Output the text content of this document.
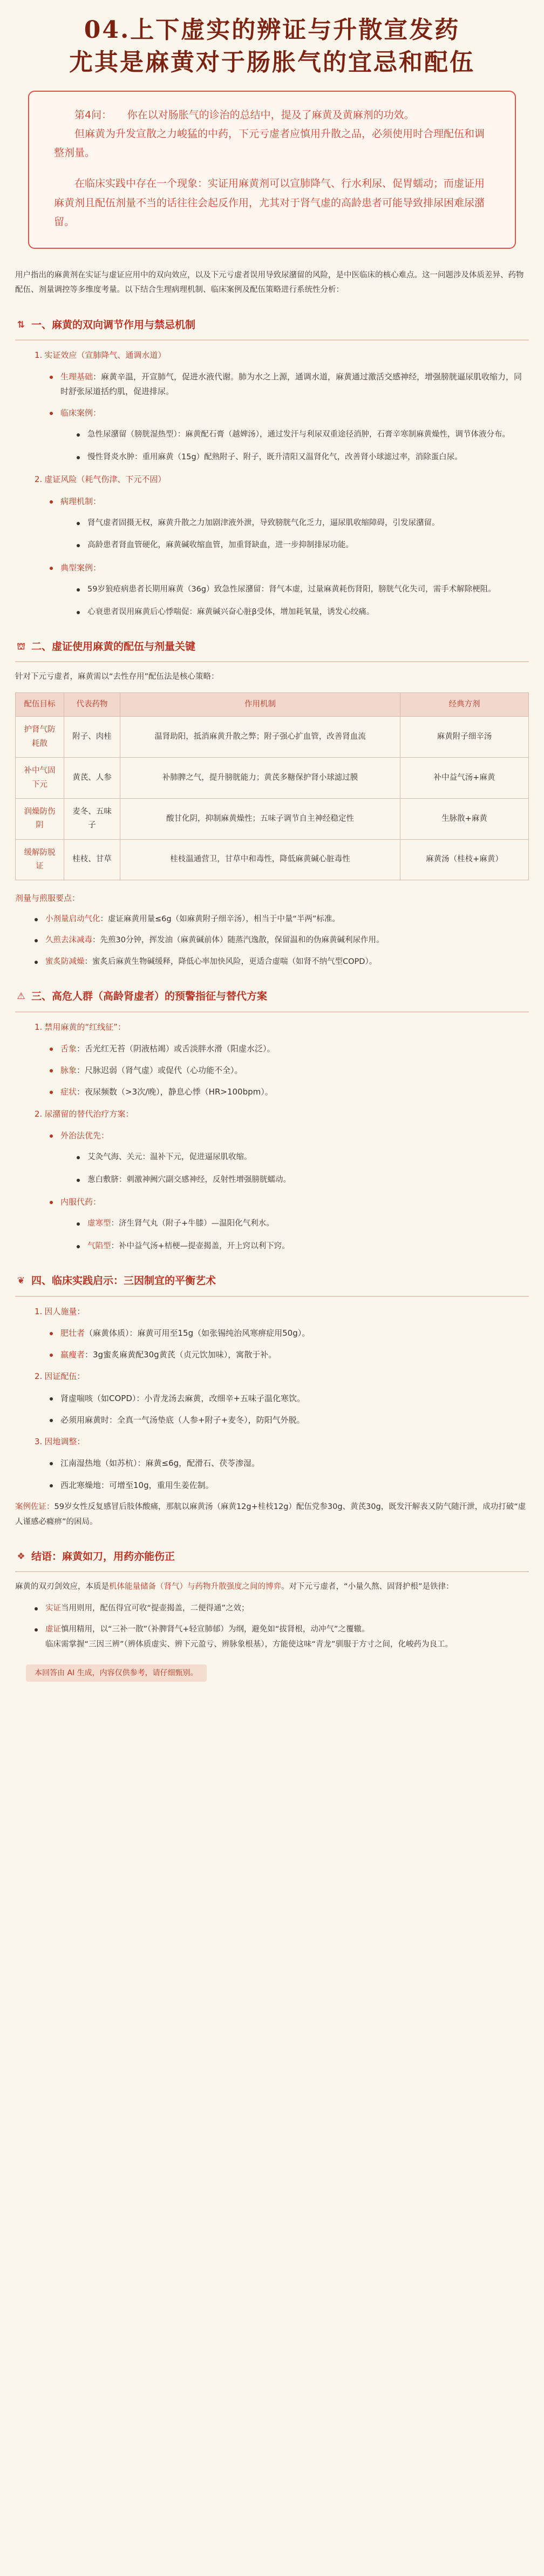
04.上下虚实的辨证与升散宣发药
尤其是麻黄对于肠胀气的宜忌和配伍

第4问：　　你在以对肠胀气的诊治的总结中，提及了麻黄及黄麻剂的功效。

但麻黄为升发宣散之力峻猛的中药，下元亏虚者应慎用升散之品，必须使用时合理配伍和调整剂量。

在临床实践中存在一个现象：实证用麻黄剂可以宣肺降气、行水利尿、促胃蠕动；而虚证用麻黄剂且配伍剂量不当的话往往会起反作用，尤其对于肾气虚的高龄患者可能导致排尿困难尿潴留。

用户指出的麻黄剂在实证与虚证应用中的双向效应，以及下元亏虚者误用导致尿潴留的风险，是中医临床的核心难点。这一问题涉及体质差异、药物配伍、剂量调控等多维度考量。以下结合生理病理机制、临床案例及配伍策略进行系统性分析：
⇅ 一、麻黄的双向调节作用与禁忌机制
1. 实证效应（宣肺降气、通调水道）
生理基础：麻黄辛温，开宣肺气，促进水液代谢。肺为水之上源，通调水道，麻黄通过激活交感神经，增强膀胱逼尿肌收缩力，同时舒张尿道括约肌，促进排尿。
临床案例：
急性尿潴留（膀胱湿热型）：麻黄配石膏（越婢汤），通过发汗与利尿双重途径消肿，石膏辛寒制麻黄燥性，调节体液分布。
慢性肾炎水肿：重用麻黄（15g）配熟附子、附子，既升清阳又温肾化气，改善肾小球滤过率，消除蛋白尿。
2. 虚证风险（耗气伤津、下元不固）
病理机制：
肾气虚者固摄无权，麻黄升散之力加剧津液外泄，导致膀胱气化乏力，逼尿肌收缩障碍，引发尿潴留。
高龄患者肾血管硬化，麻黄碱收缩血管，加重肾缺血，进一步抑制排尿功能。
典型案例：
59岁狼疮病患者长期用麻黄（36g）致急性尿潴留：肾气本虚，过量麻黄耗伤肾阳，膀胱气化失司，需手术解除梗阻。
心衰患者误用麻黄后心悸喘促：麻黄碱兴奋心脏β受体，增加耗氧量，诱发心绞痛。
⛫ 二、虚证使用麻黄的配伍与剂量关键
针对下元亏虚者，麻黄需以“去性存用”配伍法是核心策略：
配伍目标	代表药物	作用机制	经典方剂
护肾气防耗散	附子、肉桂	温肾助阳，抵消麻黄升散之弊；附子强心扩血管，改善肾血流	麻黄附子细辛汤
补中气固下元	黄芪、人参	补肺脾之气，提升膀胱能力；黄芪多糖保护肾小球滤过膜	补中益气汤+麻黄
润燥防伤阴	麦冬、五味子	酸甘化阴，抑制麻黄燥性；五味子调节自主神经稳定性	生脉散+麻黄
缓解防脱证	桂枝、甘草	桂枝温通营卫，甘草中和毒性，降低麻黄碱心脏毒性	麻黄汤（桂枝+麻黄）
剂量与煎服要点：
小剂量启动气化：虚证麻黄用量≤6g（如麻黄附子细辛汤），相当于中量“半两”标准。
久煎去沫减毒：先煎30分钟，挥发油（麻黄碱前体）随蒸汽逸散，保留温和的伪麻黄碱利尿作用。
蜜炙防减燥：蜜炙后麻黄生物碱缓释，降低心率加快风险，更适合虚喘（如肾不纳气型COPD）。
⚠ 三、高危人群（高龄肾虚者）的预警指征与替代方案
1. 禁用麻黄的“红线征”：
舌象：舌光红无苔（阴液枯竭）或舌淡胖水滑（阳虚水泛）。
脉象：尺脉迟弱（肾气虚）或促代（心功能不全）。
症状：夜尿频数（>3次/晚），静息心悸（HR>100bpm）。
2. 尿潴留的替代治疗方案：
外治法优先：
艾灸气海、关元：温补下元，促进逼尿肌收缩。
葱白敷脐：刺激神阙穴副交感神经，反射性增强膀胱蠕动。
内服代药：
虚寒型：济生肾气丸（附子+牛膝）—温阳化气利水。
气陷型：补中益气汤+桔梗—提壶揭盖，开上窍以利下窍。
❦ 四、临床实践启示：三因制宜的平衡艺术
1. 因人施量：
肥壮者（麻黄体质）：麻黄可用至15g（如张锡纯治风寒痹症用50g）。
羸瘦者：3g蜜炙麻黄配30g黄芪（贞元饮加味），寓散于补。
2. 因证配伍：
肾虚喘咳（如COPD）：小青龙汤去麻黄，改细辛+五味子温化寒饮。
必须用麻黄时：全真一气汤垫底（人参+附子+麦冬），防阳气外脱。
3. 因地调整：
江南湿热地（如苏杭）：麻黄≤6g，配滑石、茯苓渗湿。
西北寒燥地：可增至10g，重用生姜佐制。
案例佐证：59岁女性反复感冒后肢体酸痛，那航以麻黄汤（麻黄12g+桂枝12g）配伍党参30g、黄芪30g，既发汗解表又防气随汗泄，成功打破“虚人谨感必癃痹”的困局。
❖ 结语：麻黄如刀，用药亦能伤正
麻黄的双刃剑效应，本质是机体能量储备（肾气）与药物升散强度之间的博弈。对下元亏虚者，“小量久熬、固肾护根”是铁律：
实证当用则用，配伍得宜可收“提壶揭盖，二便得通”之效；
虚证慎用精用，以“三补一散”（补脾肾气+轻宣肺郁）为纲，避免如“拔肾根，动冲气”之覆辙。
临床需掌握“三因三辨”（辨体质虚实、辨下元盈亏、辨脉象根基），方能使这味“青龙”驯服于方寸之间，化峻药为良工。
本回答由 AI 生成，内容仅供参考，请仔细甄别。
